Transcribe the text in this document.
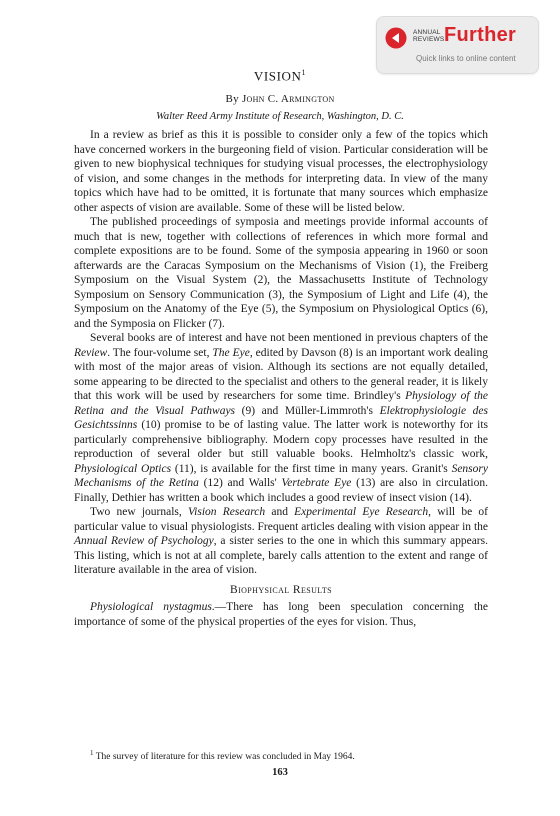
ANNUAL
REVIEWS Further
Quick links to online content
VISION$^1$
By John C. Armington
Walter Reed Army Institute of Research, Washington, D. C.

In a review as brief as this it is possible to consider only a few of the topics which have concerned workers in the burgeoning field of vision. Particular consideration will be given to new biophysical techniques for studying visual processes, the electrophysiology of vision, and some changes in the methods for interpreting data. In view of the many topics which have had to be omitted, it is fortunate that many sources which emphasize other aspects of vision are available. Some of these will be listed below.

The published proceedings of symposia and meetings provide informal accounts of much that is new, together with collections of references in which more formal and complete expositions are to be found. Some of the symposia appearing in 1960 or soon afterwards are the Caracas Symposium on the Mechanisms of Vision (1), the Freiberg Symposium on the Visual System (2), the Massachusetts Institute of Technology Symposium on Sensory Communication (3), the Symposium of Light and Life (4), the Symposium on the Anatomy of the Eye (5), the Symposium on Physiological Optics (6), and the Symposia on Flicker (7).

Several books are of interest and have not been mentioned in previous chapters of the Review. The four-volume set, The Eye, edited by Davson (8) is an important work dealing with most of the major areas of vision. Although its sections are not equally detailed, some appearing to be directed to the specialist and others to the general reader, it is likely that this work will be used by researchers for some time. Brindley's Physiology of the Retina and the Visual Pathways (9) and Müller-Limmroth's Elektrophysiologie des Gesichtssinns (10) promise to be of lasting value. The latter work is noteworthy for its particularly comprehensive bibliography. Modern copy processes have resulted in the reproduction of several older but still valuable books. Helmholtz's classic work, Physiological Optics (11), is available for the first time in many years. Granit's Sensory Mechanisms of the Retina (12) and Walls' Vertebrate Eye (13) are also in circulation. Finally, Dethier has written a book which includes a good review of insect vision (14).

Two new journals, Vision Research and Experimental Eye Research, will be of particular value to visual physiologists. Frequent articles dealing with vision appear in the Annual Review of Psychology, a sister series to the one in which this summary appears. This listing, which is not at all complete, barely calls attention to the extent and range of literature available in the area of vision.

Biophysical Results

Physiological nystagmus.—There has long been speculation concerning the importance of some of the physical properties of the eyes for vision. Thus,

$^1$ The survey of literature for this review was concluded in May 1964.
163
